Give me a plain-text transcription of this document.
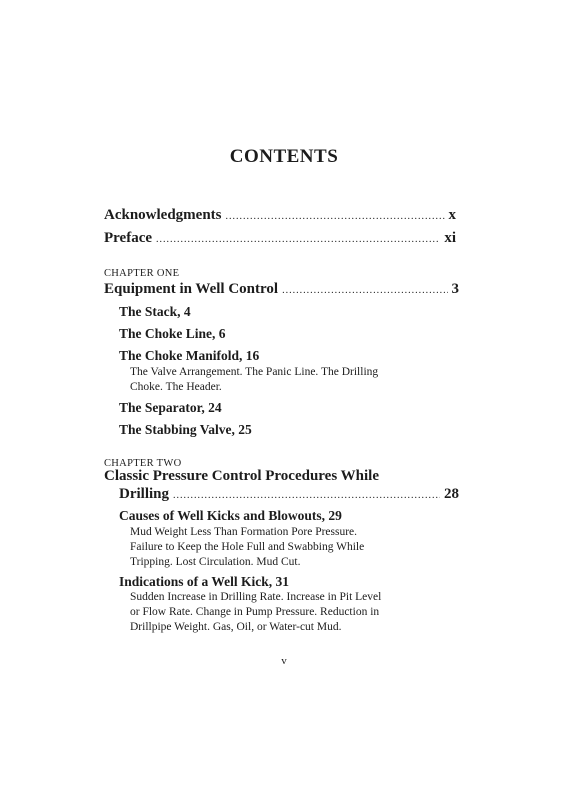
CONTENTS
Acknowledgments .....	x
Preface .....	xi
CHAPTER ONE
Equipment in Well Control .....	3
The Stack, 4
The Choke Line, 6
The Choke Manifold, 16
The Valve Arrangement. The Panic Line. The Drilling
Choke. The Header.
The Separator, 24
The Stabbing Valve, 25
CHAPTER TWO
Classic Pressure Control Procedures While
Drilling .....	28
Causes of Well Kicks and Blowouts, 29
Mud Weight Less Than Formation Pore Pressure.
Failure to Keep the Hole Full and Swabbing While
Tripping. Lost Circulation. Mud Cut.
Indications of a Well Kick, 31
Sudden Increase in Drilling Rate. Increase in Pit Level
or Flow Rate. Change in Pump Pressure. Reduction in
Drillpipe Weight. Gas, Oil, or Water-cut Mud.
v
